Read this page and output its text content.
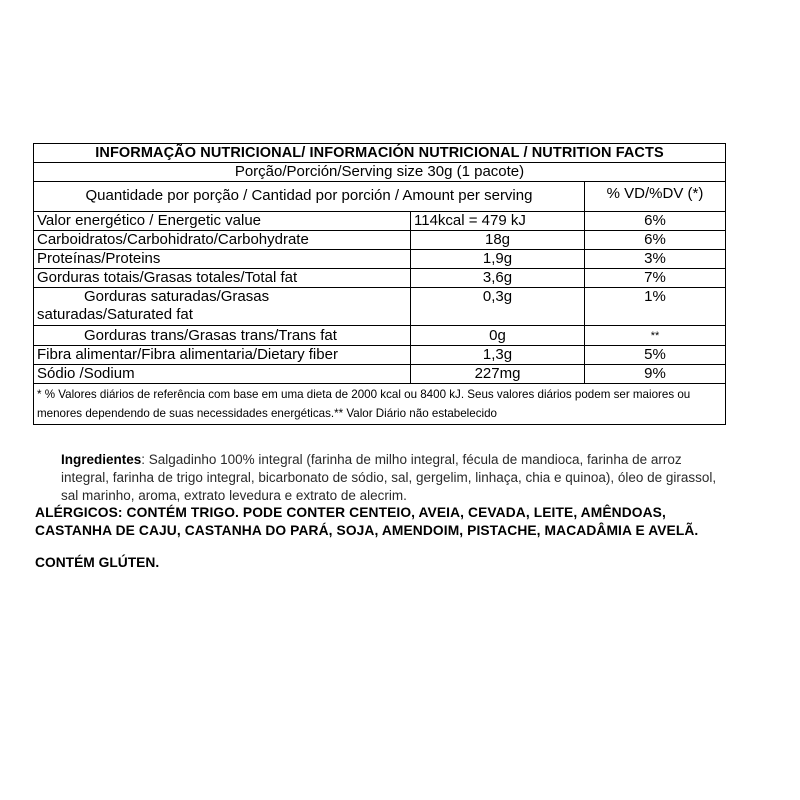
INFORMAÇÃO NUTRICIONAL/ INFORMACIÓN NUTRICIONAL / NUTRITION FACTS
Porção/Porción/Serving size 30g (1 pacote)
Quantidade por porção / Cantidad por porción / Amount per serving	% VD/%DV (*)
Valor energético / Energetic value	114kcal = 479 kJ	6%
Carboidratos/Carbohidrato/Carbohydrate	18g	6%
Proteínas/Proteins	1,9g	3%
Gorduras totais/Grasas totales/Total fat	3,6g	7%
Gorduras saturadas/Grasas
saturadas/Saturated fat
0,3g	1%
Gorduras trans/Grasas trans/Trans fat	0g	**
Fibra alimentar/Fibra alimentaria/Dietary fiber	1,3g	5%
Sódio /Sodium	227mg	9%
* % Valores diários de referência com base em uma dieta de 2000 kcal ou 8400 kJ. Seus valores diários podem ser maiores ou menores dependendo de suas necessidades energéticas.** Valor Diário não estabelecido
Ingredientes: Salgadinho 100% integral (farinha de milho integral, fécula de mandioca, farinha de arroz integral, farinha de trigo integral, bicarbonato de sódio, sal, gergelim, linhaça, chia e quinoa), óleo de girassol, sal marinho, aroma, extrato levedura e extrato de alecrim.
ALÉRGICOS: CONTÉM TRIGO. PODE CONTER CENTEIO, AVEIA, CEVADA, LEITE, AMÊNDOAS, CASTANHA DE CAJU, CASTANHA DO PARÁ, SOJA, AMENDOIM, PISTACHE, MACADÂMIA E AVELÃ.
CONTÉM GLÚTEN.
